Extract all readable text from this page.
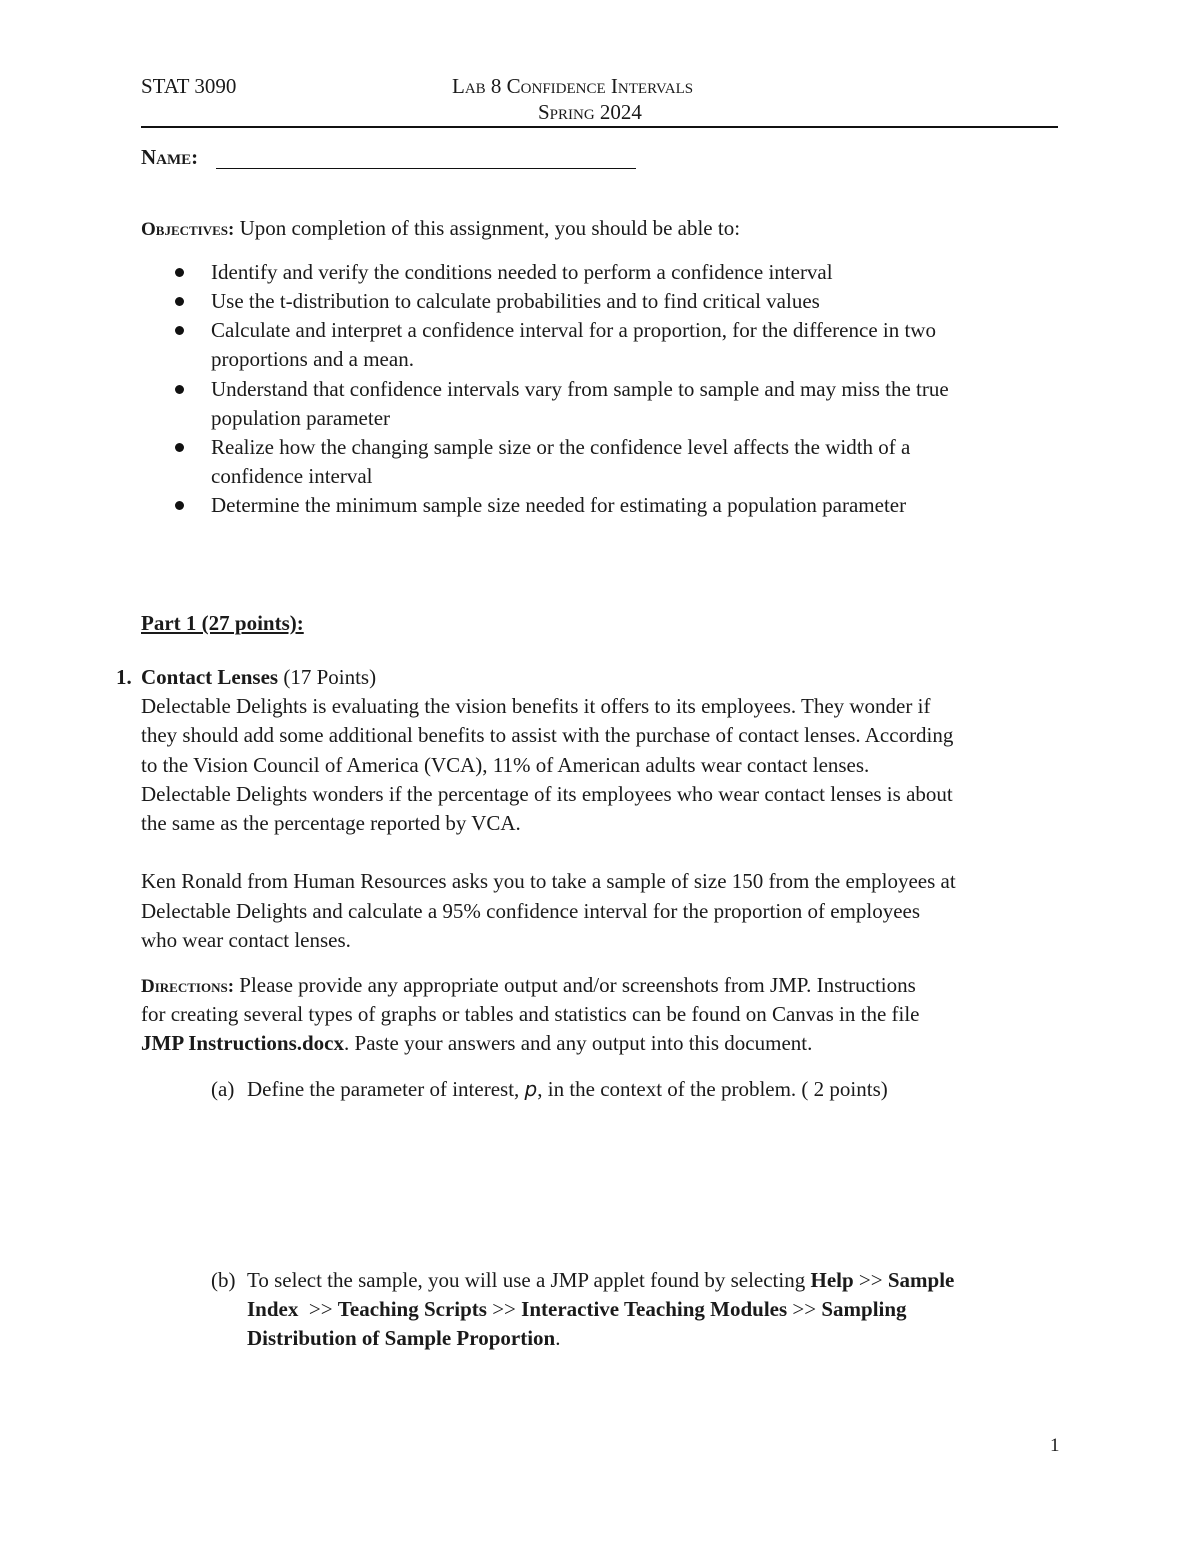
STAT 3090	Lab 8 Confidence Intervals
Spring 2024
Name:
Objectives: Upon completion of this assignment, you should be able to:
Identify and verify the conditions needed to perform a confidence interval
Use the t-distribution to calculate probabilities and to find critical values
Calculate and interpret a confidence interval for a proportion, for the difference in two
proportions and a mean.
Understand that confidence intervals vary from sample to sample and may miss the true
population parameter
Realize how the changing sample size or the confidence level affects the width of a
confidence interval
Determine the minimum sample size needed for estimating a population parameter
Part 1 (27 points):
1. Contact Lenses (17 Points)
Delectable Delights is evaluating the vision benefits it offers to its employees. They wonder if
they should add some additional benefits to assist with the purchase of contact lenses. According
to the Vision Council of America (VCA), 11% of American adults wear contact lenses.
Delectable Delights wonders if the percentage of its employees who wear contact lenses is about
the same as the percentage reported by VCA.
Ken Ronald from Human Resources asks you to take a sample of size 150 from the employees at
Delectable Delights and calculate a 95% confidence interval for the proportion of employees
who wear contact lenses.
Directions: Please provide any appropriate output and/or screenshots from JMP. Instructions
for creating several types of graphs or tables and statistics can be found on Canvas in the file
JMP Instructions.docx. Paste your answers and any output into this document.
(a) Define the parameter of interest, p, in the context of the problem. ( 2 points)
(b) To select the sample, you will use a JMP applet found by selecting Help >> Sample
Index >> Teaching Scripts >> Interactive Teaching Modules >> Sampling
Distribution of Sample Proportion.
1
